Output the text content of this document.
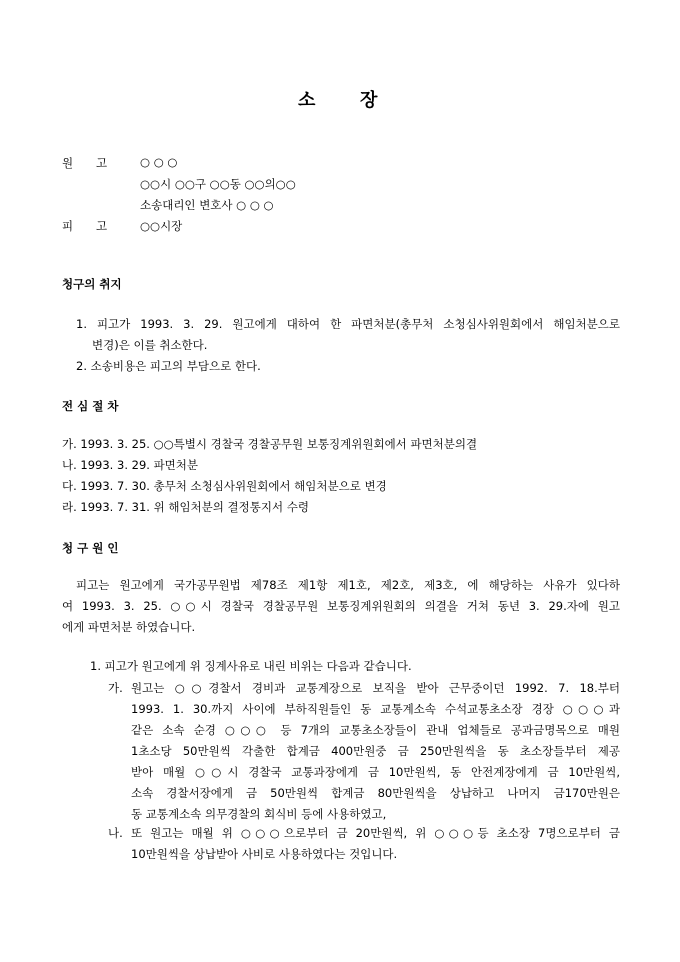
소 장
원 고	○ ○ ○
○○시 ○○구 ○○동 ○○의○○
소송대리인 변호사 ○ ○ ○
피 고	○○시장
청구의 취지
1. 피고가 1993. 3. 29. 원고에게 대하여 한 파면처분(총무처 소청심사위원회에서 해임처분으로
변경)은 이를 취소한다.
2. 소송비용은 피고의 부담으로 한다.
전 심 절 차
가. 1993. 3. 25. ○○특별시 경찰국 경찰공무원 보통징계위원회에서 파면처분의결
나. 1993. 3. 29. 파면처분
다. 1993. 7. 30. 총무처 소청심사위원회에서 해임처분으로 변경
라. 1993. 7. 31. 위 해임처분의 결정통지서 수령
청 구 원 인
피고는 원고에게 국가공무원법 제78조 제1항 제1호, 제2호, 제3호, 에 해당하는 사유가 있다하
여 1993. 3. 25. ○○시 경찰국 경찰공무원 보통징계위원회의 의결을 거쳐 동년 3. 29.자에 원고
에게 파면처분 하였습니다.
1. 피고가 원고에게 위 징계사유로 내린 비위는 다음과 같습니다.
가. 원고는 ○○경찰서 경비과 교통계장으로 보직을 받아 근무중이던 1992. 7. 18.부터
1993. 1. 30.까지 사이에 부하직원들인 동 교통계소속 수석교통초소장 경장 ○○○과
같은 소속 순경 ○○○ 등 7개의 교통초소장들이 관내 업체들로 공과금명목으로 매원
1초소당 50만원씩 각출한 합계금 400만원중 금 250만원씩을 동 초소장들부터 제공
받아 매월 ○○시 경찰국 교통과장에게 금 10만원씩, 동 안전계장에게 금 10만원씩,
소속 경찰서장에게 금 50만원씩 합계금 80만원씩을 상납하고 나머지 금170만원은
동 교통계소속 의무경찰의 회식비 등에 사용하였고,
나. 또 원고는 매월 위 ○○○으로부터 금 20만원씩, 위 ○○○등 초소장 7명으로부터 금
10만원씩을 상납받아 사비로 사용하였다는 것입니다.
